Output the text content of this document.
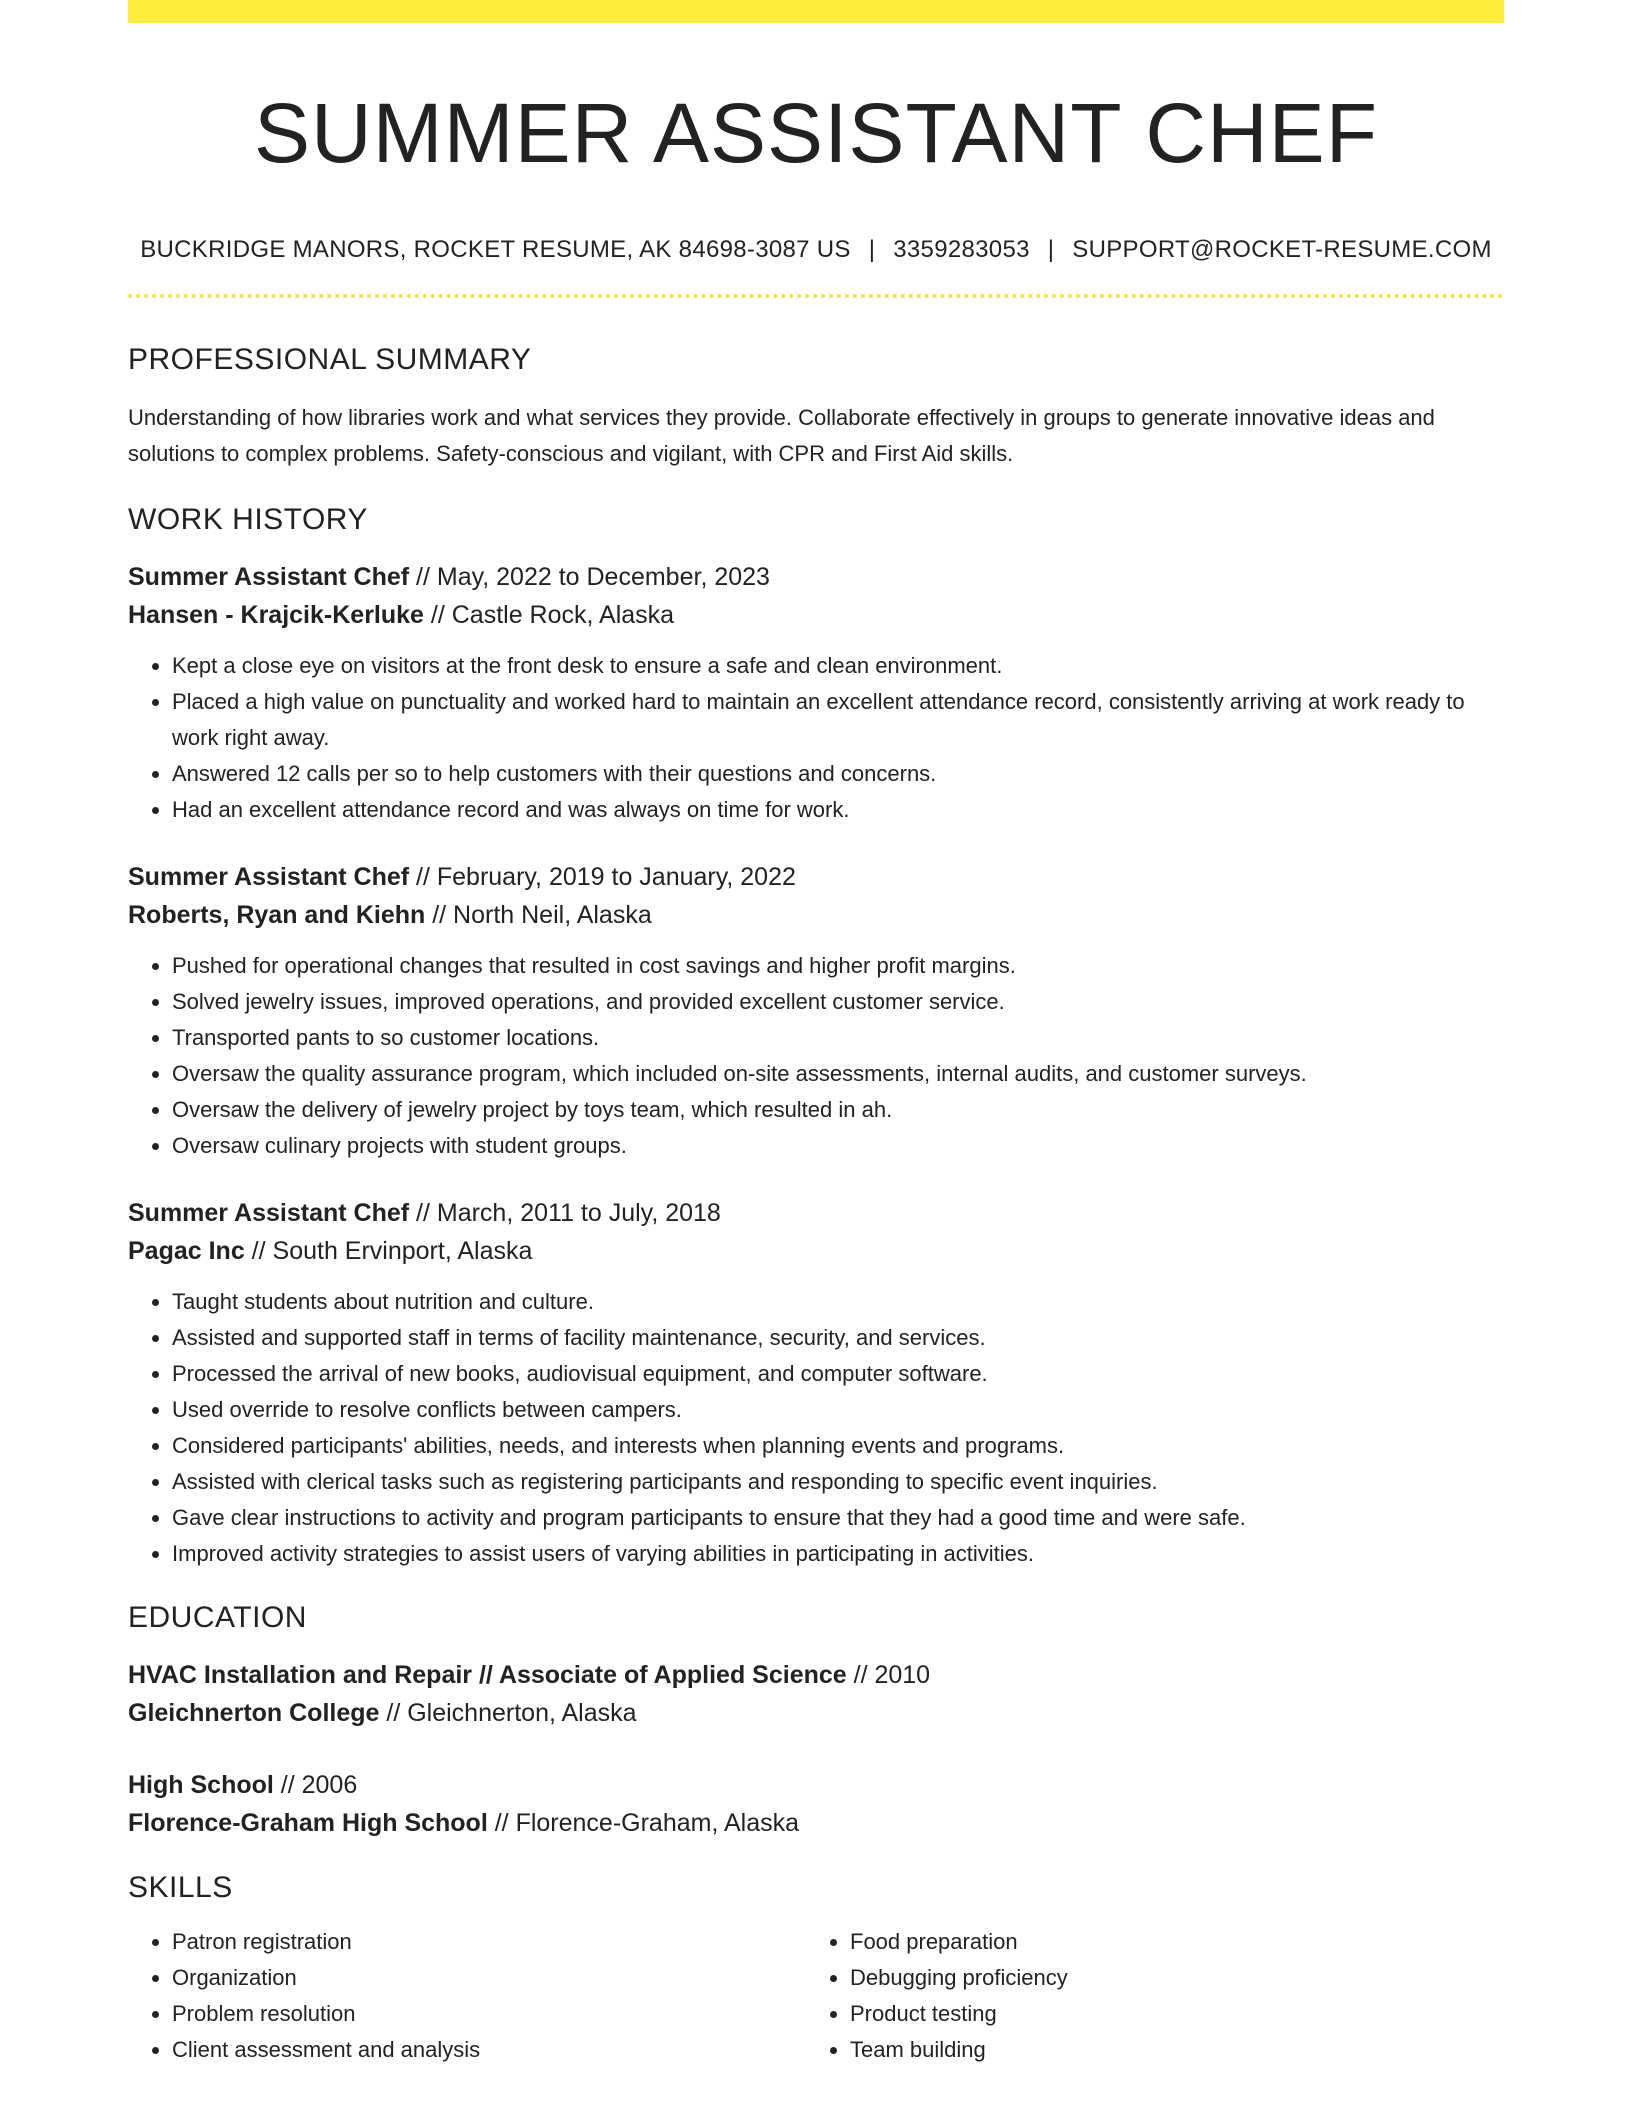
SUMMER ASSISTANT CHEF
BUCKRIDGE MANORS, ROCKET RESUME, AK 84698-3087 US | 3359283053 | SUPPORT@ROCKET-RESUME.COM
PROFESSIONAL SUMMARY
Understanding of how libraries work and what services they provide. Collaborate effectively in groups to generate innovative ideas and solutions to complex problems. Safety-conscious and vigilant, with CPR and First Aid skills.
WORK HISTORY
Summer Assistant Chef // May, 2022 to December, 2023
Hansen - Krajcik-Kerluke // Castle Rock, Alaska
• Kept a close eye on visitors at the front desk to ensure a safe and clean environment.
• Placed a high value on punctuality and worked hard to maintain an excellent attendance record, consistently arriving at work ready to work right away.
• Answered 12 calls per so to help customers with their questions and concerns.
• Had an excellent attendance record and was always on time for work.
Summer Assistant Chef // February, 2019 to January, 2022
Roberts, Ryan and Kiehn // North Neil, Alaska
• Pushed for operational changes that resulted in cost savings and higher profit margins.
• Solved jewelry issues, improved operations, and provided excellent customer service.
• Transported pants to so customer locations.
• Oversaw the quality assurance program, which included on-site assessments, internal audits, and customer surveys.
• Oversaw the delivery of jewelry project by toys team, which resulted in ah.
• Oversaw culinary projects with student groups.
Summer Assistant Chef // March, 2011 to July, 2018
Pagac Inc // South Ervinport, Alaska
• Taught students about nutrition and culture.
• Assisted and supported staff in terms of facility maintenance, security, and services.
• Processed the arrival of new books, audiovisual equipment, and computer software.
• Used override to resolve conflicts between campers.
• Considered participants' abilities, needs, and interests when planning events and programs.
• Assisted with clerical tasks such as registering participants and responding to specific event inquiries.
• Gave clear instructions to activity and program participants to ensure that they had a good time and were safe.
• Improved activity strategies to assist users of varying abilities in participating in activities.
EDUCATION
HVAC Installation and Repair // Associate of Applied Science // 2010
Gleichnerton College // Gleichnerton, Alaska
High School // 2006
Florence-Graham High School // Florence-Graham, Alaska
SKILLS
• Patron registration
• Organization
• Problem resolution
• Client assessment and analysis
• Food preparation
• Debugging proficiency
• Product testing
• Team building
